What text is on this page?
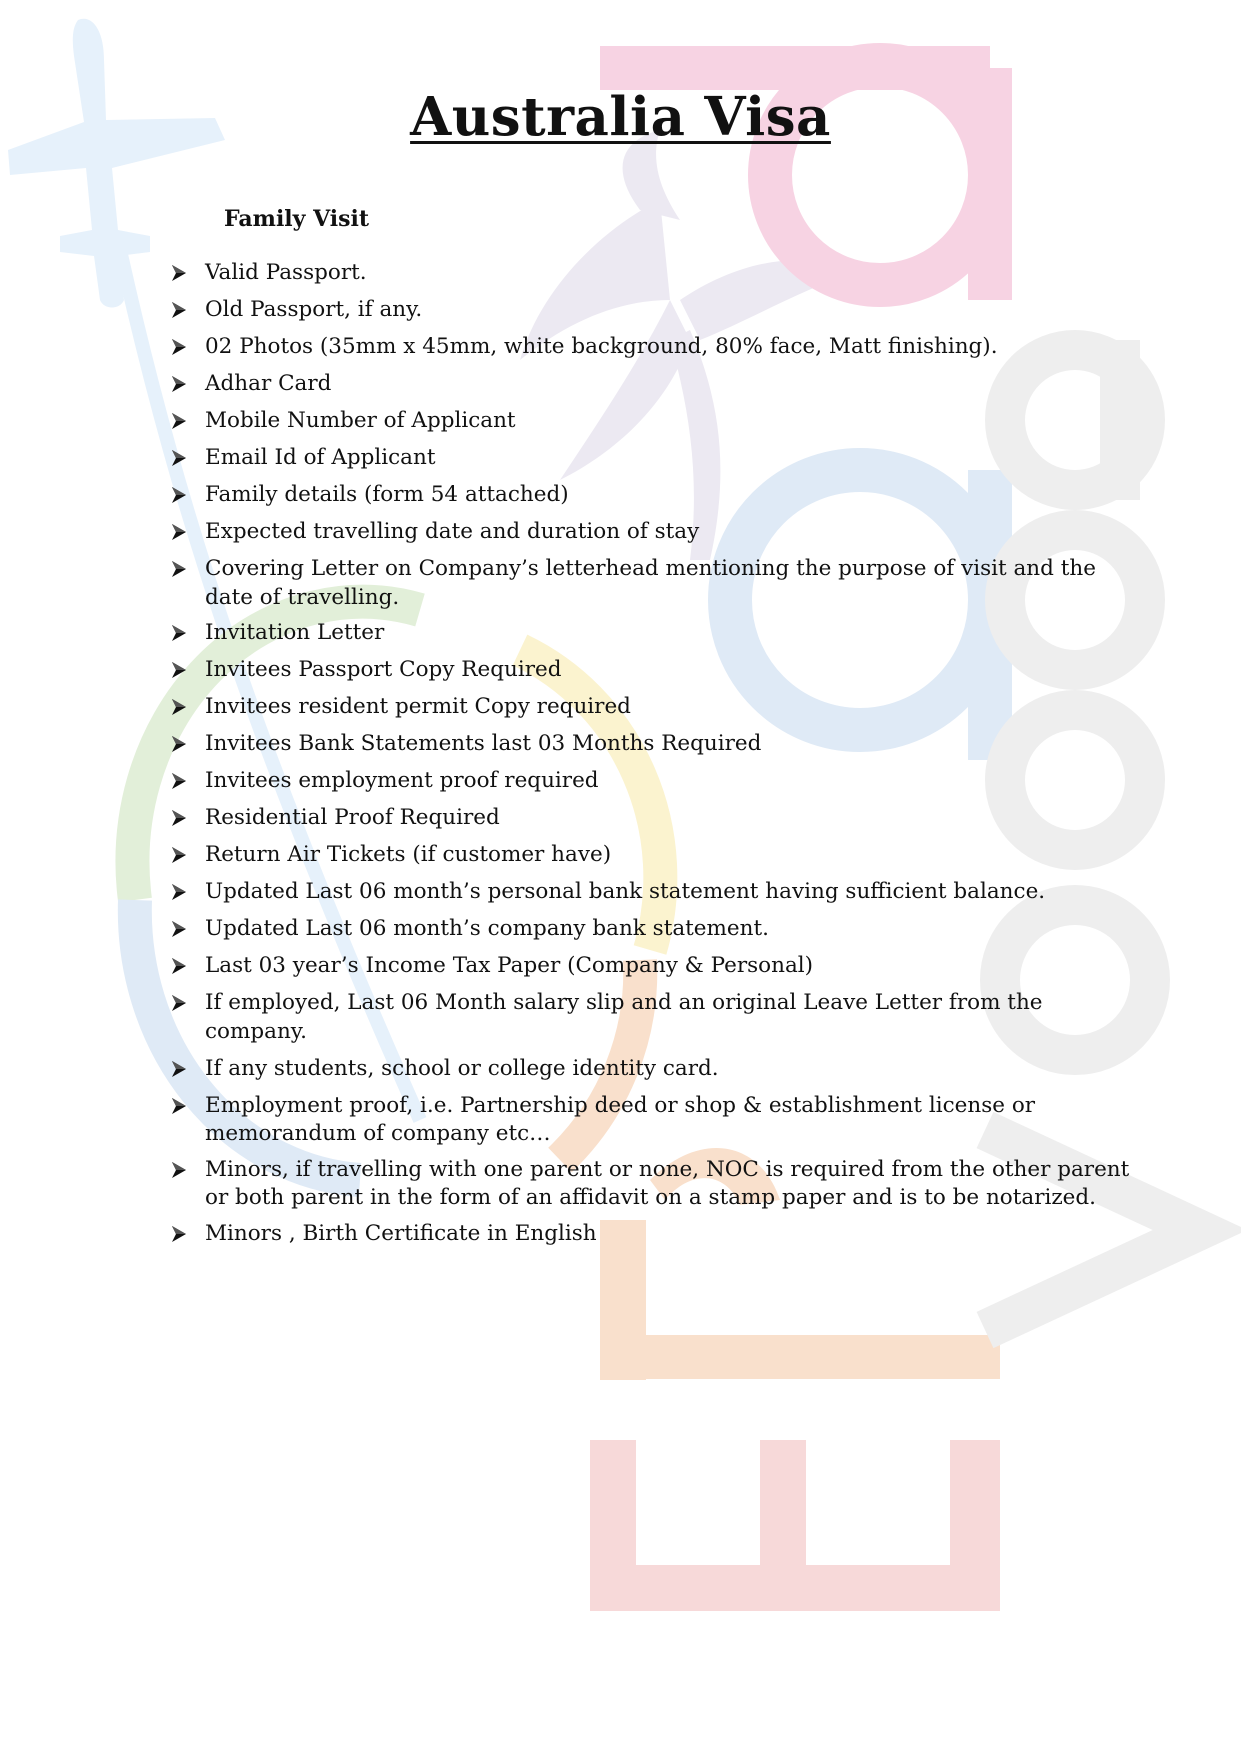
Australia Visa
Family Visit
Valid Passport.
Old Passport, if any.
02 Photos (35mm x 45mm, white background, 80% face, Matt finishing).
Adhar Card
Mobile Number of Applicant
Email Id of Applicant
Family details (form 54 attached)
Expected travelling date and duration of stay
Covering Letter on Company’s letterhead mentioning the purpose of visit and the date of travelling.
Invitation Letter
Invitees Passport Copy Required
Invitees resident permit Copy required
Invitees Bank Statements last 03 Months Required
Invitees employment proof required
Residential Proof Required
Return Air Tickets (if customer have)
Updated Last 06 month’s personal bank statement having sufficient balance.
Updated Last 06 month’s company bank statement.
Last 03 year’s Income Tax Paper (Company & Personal)
If employed, Last 06 Month salary slip and an original Leave Letter from the company.
If any students, school or college identity card.
Employment proof, i.e. Partnership deed or shop & establishment license or memorandum of company etc…
Minors, if travelling with one parent or none, NOC is required from the other parent or both parent in the form of an affidavit on a stamp paper and is to be notarized.
Minors , Birth Certificate in English
